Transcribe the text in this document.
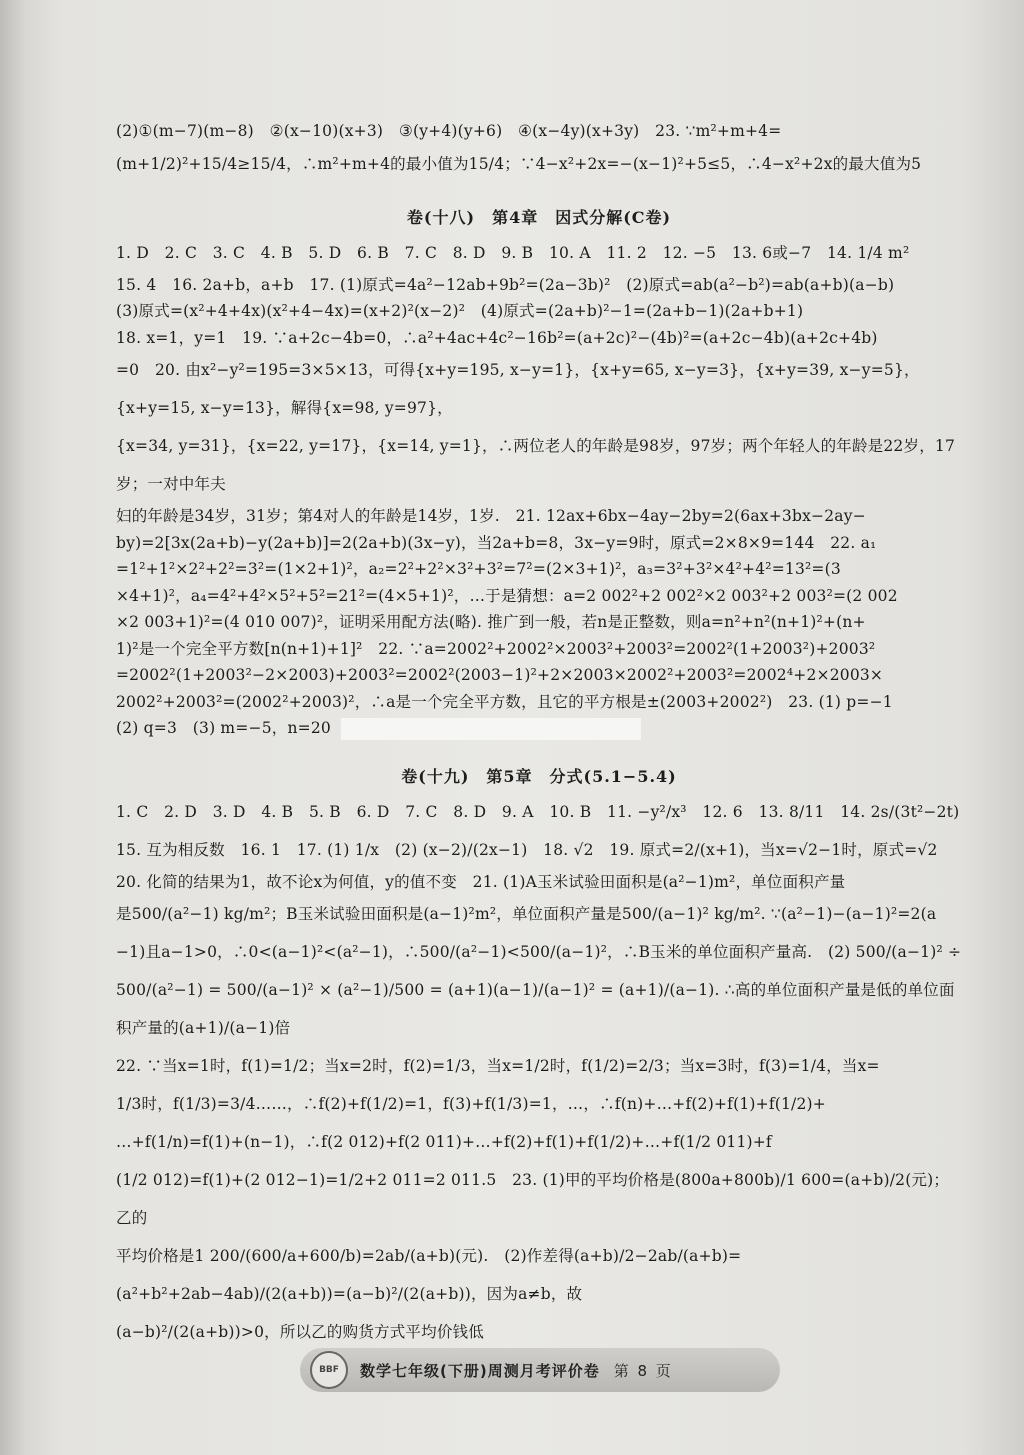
(2)①(m−7)(m−8)　②(x−10)(x+3)　③(y+4)(y+6)　④(x−4y)(x+3y)　23. ∵m²+m+4=
(m+1/2)²+15/4≥15/4，∴m²+m+4的最小值为15/4；∵4−x²+2x=−(x−1)²+5≤5，∴4−x²+2x的最大值为5
卷(十八)　第4章　因式分解(C卷)
1. D　2. C　3. C　4. B　5. D　6. B　7. C　8. D　9. B　10. A　11. 2　12. −5　13. 6或−7　14. 1/4 m²
15. 4　16. 2a+b，a+b　17. (1)原式=4a²−12ab+9b²=(2a−3b)²　(2)原式=ab(a²−b²)=ab(a+b)(a−b)
(3)原式=(x²+4+4x)(x²+4−4x)=(x+2)²(x−2)²　(4)原式=(2a+b)²−1=(2a+b−1)(2a+b+1)
18. x=1，y=1　19. ∵a+2c−4b=0，∴a²+4ac+4c²−16b²=(a+2c)²−(4b)²=(a+2c−4b)(a+2c+4b)
=0　20. 由x²−y²=195=3×5×13，可得{x+y=195, x−y=1}，{x+y=65, x−y=3}，{x+y=39, x−y=5}，{x+y=15, x−y=13}，解得{x=98, y=97}，
{x=34, y=31}，{x=22, y=17}，{x=14, y=1}，∴两位老人的年龄是98岁，97岁；两个年轻人的年龄是22岁，17岁；一对中年夫
妇的年龄是34岁，31岁；第4对人的年龄是14岁，1岁.　21. 12ax+6bx−4ay−2by=2(6ax+3bx−2ay−
by)=2[3x(2a+b)−y(2a+b)]=2(2a+b)(3x−y)，当2a+b=8，3x−y=9时，原式=2×8×9=144　22. a₁
=1²+1²×2²+2²=3²=(1×2+1)²，a₂=2²+2²×3²+3²=7²=(2×3+1)²，a₃=3²+3²×4²+4²=13²=(3
×4+1)²，a₄=4²+4²×5²+5²=21²=(4×5+1)²，…于是猜想：a=2 002²+2 002²×2 003²+2 003²=(2 002
×2 003+1)²=(4 010 007)²，证明采用配方法(略). 推广到一般，若n是正整数，则a=n²+n²(n+1)²+(n+
1)²是一个完全平方数[n(n+1)+1]²　22. ∵a=2002²+2002²×2003²+2003²=2002²(1+2003²)+2003²
=2002²(1+2003²−2×2003)+2003²=2002²(2003−1)²+2×2003×2002²+2003²=2002⁴+2×2003×
2002²+2003²=(2002²+2003)²，∴a是一个完全平方数，且它的平方根是±(2003+2002²)　23. (1) p=−1
(2) q=3　(3) m=−5，n=20
卷(十九)　第5章　分式(5.1−5.4)
1. C　2. D　3. D　4. B　5. B　6. D　7. C　8. D　9. A　10. B　11. −y²/x³　12. 6　13. 8/11　14. 2s/(3t²−2t)
15. 互为相反数　16. 1　17. (1) 1/x　(2) (x−2)/(2x−1)　18. √2　19. 原式=2/(x+1)，当x=√2−1时，原式=√2
20. 化简的结果为1，故不论x为何值，y的值不变　21. (1)A玉米试验田面积是(a²−1)m²，单位面积产量
是500/(a²−1) kg/m²；B玉米试验田面积是(a−1)²m²，单位面积产量是500/(a−1)² kg/m². ∵(a²−1)−(a−1)²=2(a
−1)且a−1>0，∴0<(a−1)²<(a²−1)，∴500/(a²−1)<500/(a−1)²，∴B玉米的单位面积产量高.　(2) 500/(a−1)² ÷
500/(a²−1) = 500/(a−1)² × (a²−1)/500 = (a+1)(a−1)/(a−1)² = (a+1)/(a−1). ∴高的单位面积产量是低的单位面积产量的(a+1)/(a−1)倍
22. ∵当x=1时，f(1)=1/2；当x=2时，f(2)=1/3，当x=1/2时，f(1/2)=2/3；当x=3时，f(3)=1/4，当x=
1/3时，f(1/3)=3/4……，∴f(2)+f(1/2)=1，f(3)+f(1/3)=1，…，∴f(n)+…+f(2)+f(1)+f(1/2)+
…+f(1/n)=f(1)+(n−1)，∴f(2 012)+f(2 011)+…+f(2)+f(1)+f(1/2)+…+f(1/2 011)+f
(1/2 012)=f(1)+(2 012−1)=1/2+2 011=2 011.5　23. (1)甲的平均价格是(800a+800b)/1 600=(a+b)/2(元)；乙的
平均价格是1 200/(600/a+600/b)=2ab/(a+b)(元).　(2)作差得(a+b)/2−2ab/(a+b)=(a²+b²+2ab−4ab)/(2(a+b))=(a−b)²/(2(a+b))，因为a≠b，故
(a−b)²/(2(a+b))>0，所以乙的购货方式平均价钱低
BBF	数学七年级(下册)周测月考评价卷 第 8 页
